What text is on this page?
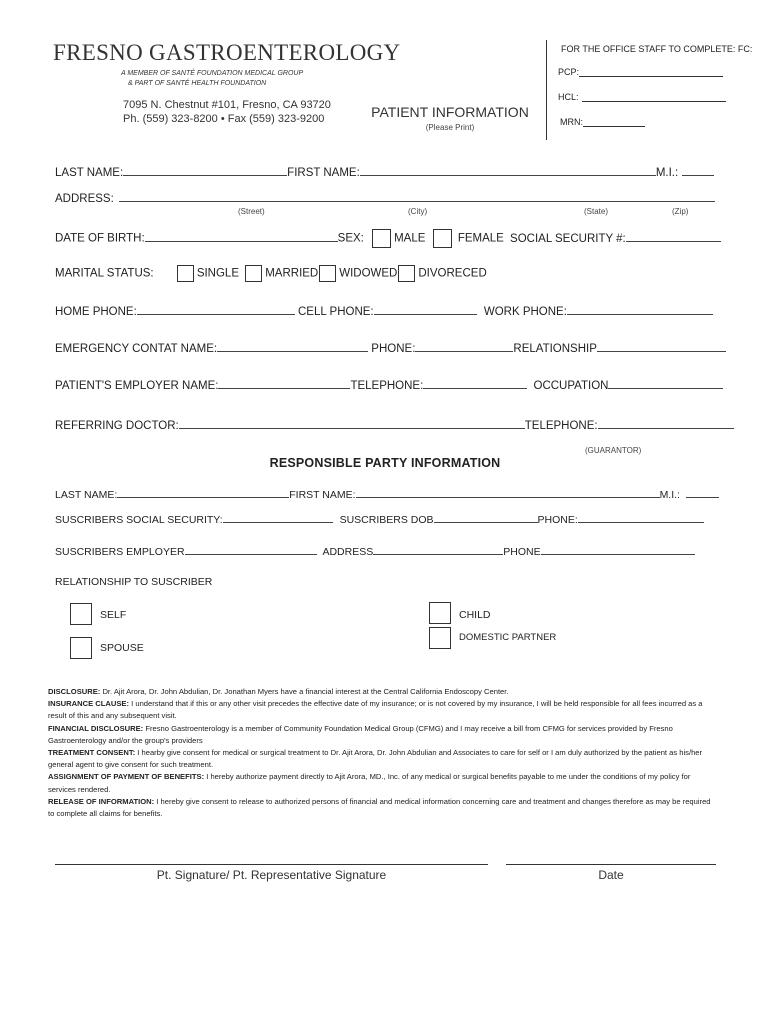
FRESNO GASTROENTEROLOGY
A MEMBER OF SANTÉ FOUNDATION MEDICAL GROUP
& PART OF SANTÉ HEALTH FOUNDATION
7095 N. Chestnut #101, Fresno, CA 93720
Ph. (559) 323-8200 • Fax (559) 323-9200
FOR THE OFFICE STAFF TO COMPLETE: FC:
PCP:
HCL:
MRN:
PATIENT INFORMATION
(Please Print)
LAST NAME:	FIRST NAME:	M.I.:
ADDRESS:
(Street)	(City)	(State)	(Zip)
DATE OF BIRTH:	SEX:	MALE	FEMALE SOCIAL SECURITY #:
MARITAL STATUS:	SINGLE MARRIED WIDOWED DIVORECED
HOME PHONE:	CELL PHONE:	WORK PHONE:
EMERGENCY CONTAT NAME:	PHONE:	RELATIONSHIP
PATIENT'S EMPLOYER NAME:	TELEPHONE:	OCCUPATION
REFERRING DOCTOR:	TELEPHONE:
(GUARANTOR)
RESPONSIBLE PARTY INFORMATION
LAST NAME:	FIRST NAME:	M.I.:
SUSCRIBERS SOCIAL SECURITY:	SUSCRIBERS DOB	PHONE:
SUSCRIBERS EMPLOYER	ADDRESS	PHONE
RELATIONSHIP TO SUSCRIBER
SELF
SPOUSE
CHILD
DOMESTIC PARTNER
DISCLOSURE: Dr. Ajit Arora, Dr. John Abdulian, Dr. Jonathan Myers have a financial interest at the Central California Endoscopy Center.
INSURANCE CLAUSE: I understand that if this or any other visit precedes the effective date of my insurance; or is not covered by my insurance, I will be held responsible for all fees incurred as a result of this and any subsequent visit.
FINANCIAL DISCLOSURE: Fresno Gastroenterology is a member of Community Foundation Medical Group (CFMG) and I may receive a bill from CFMG for services provided by Fresno Gastroenterology and/or the group's providers
TREATMENT CONSENT: I hearby give consent for medical or surgical treatment to Dr. Ajit Arora, Dr. John Abdulian and Associates to care for self or I am duly authorized by the patient as his/her general agent to give consent for such treatment.
ASSIGNMENT OF PAYMENT OF BENEFITS: I hereby authorize payment directly to Ajit Arora, MD., Inc. of any medical or surgical benefits payable to me under the conditions of my policy for services rendered.
RELEASE OF INFORMATION: I hereby give consent to release to authorized persons of financial and medical information concerning care and treatment and changes therefore as may be required to complete all claims for benefits.
Pt. Signature/ Pt. Representative Signature	Date
